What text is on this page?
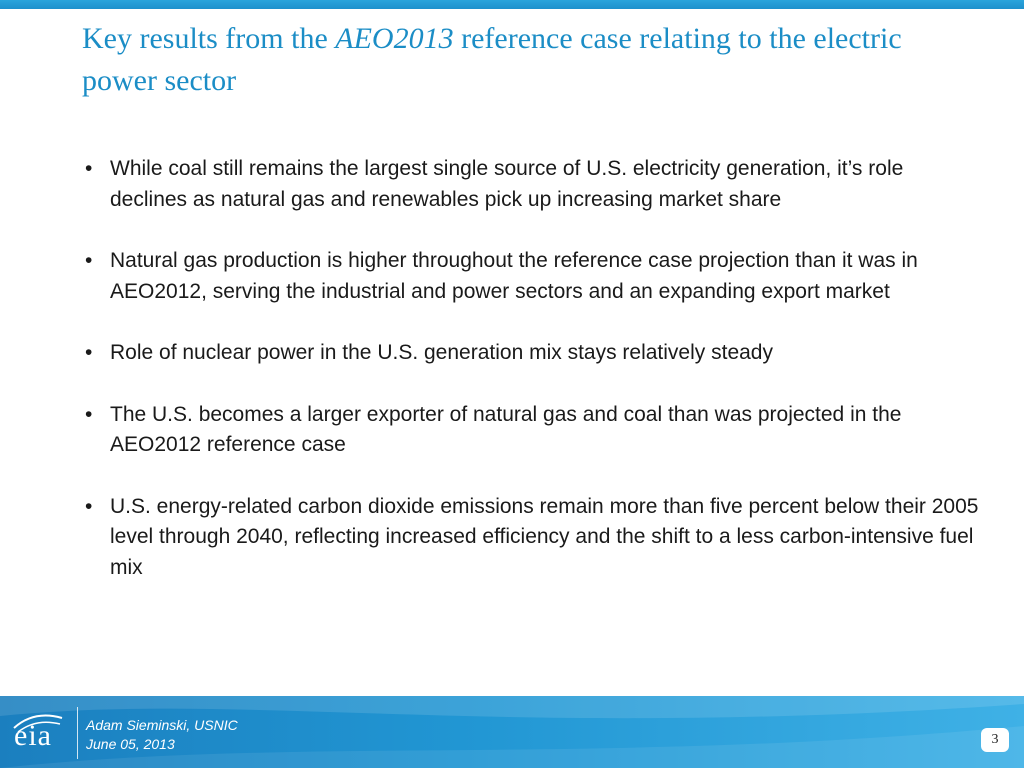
Key results from the AEO2013 reference case relating to the electric power sector
• While coal still remains the largest single source of U.S. electricity generation, it’s role declines as natural gas and renewables pick up increasing market share
• Natural gas production is higher throughout the reference case projection than it was in AEO2012, serving the industrial and power sectors and an expanding export market
• Role of nuclear power in the U.S. generation mix stays relatively steady
• The U.S. becomes a larger exporter of natural gas and coal than was projected in the AEO2012 reference case
• U.S. energy-related carbon dioxide emissions remain more than five percent below their 2005 level through 2040, reflecting increased efficiency and the shift to a less carbon-intensive fuel mix
eia Adam Sieminski, USNIC
June 05, 2013	3
